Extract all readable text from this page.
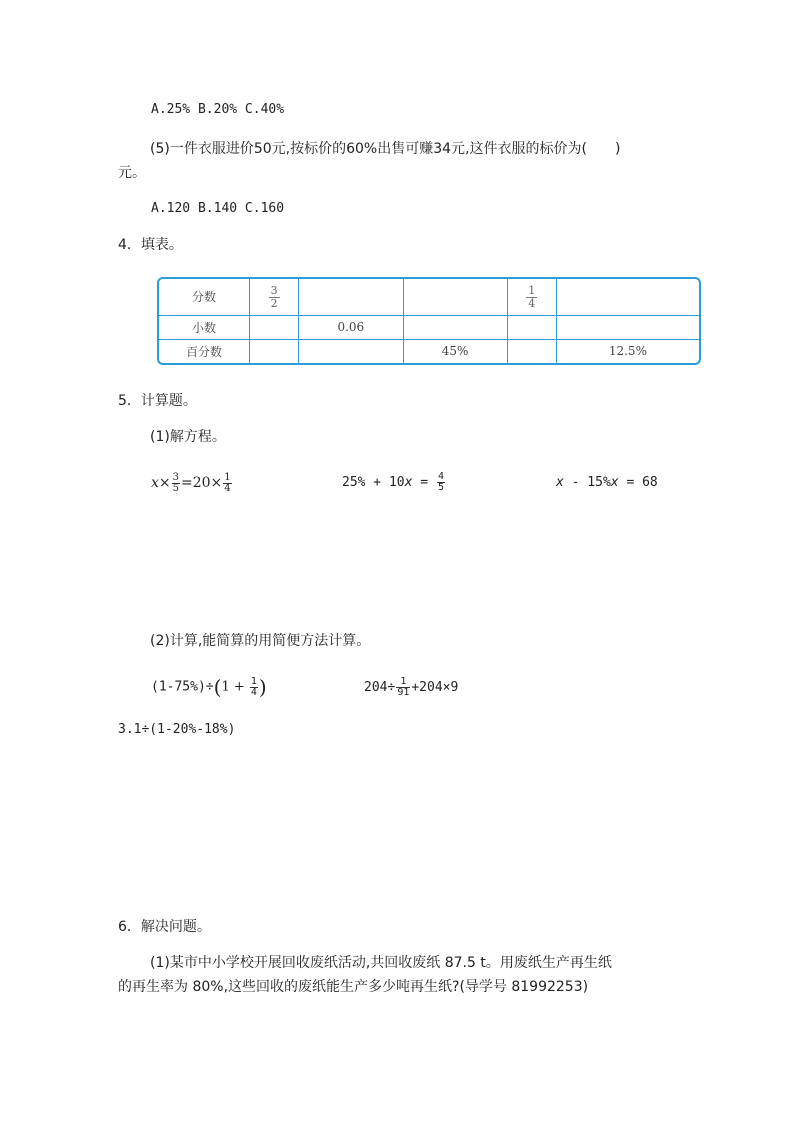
A.25% B.20% C.40%
(5)一件衣服进价50元,按标价的60%出售可赚34元,这件衣服的标价为(　　)
元。
A.120 B.140 C.160
4．填表。
分数	$\frac{3}{2}$			$\frac{1}{4}$

小数		0.06			
百分数			45%		12.5%
5．计算题。
(1)解方程。
$x\times \frac{3}{5} =20\times \frac{1}{4}$	$25\% + 10x = \frac{4}{5}$	x - 15%x = 68
(2)计算,能简算的用简便方法计算。
$(1-75\%)\div(1 + \frac{1}{4}$ )	$204\div \frac{1}{91} +204\times 9$
3.1÷(1-20%-18%)
6．解决问题。
(1)某市中小学校开展回收废纸活动,共回收废纸 87.5 t。用废纸生产再生纸
的再生率为 80%,这些回收的废纸能生产多少吨再生纸?(导学号 81992253)
